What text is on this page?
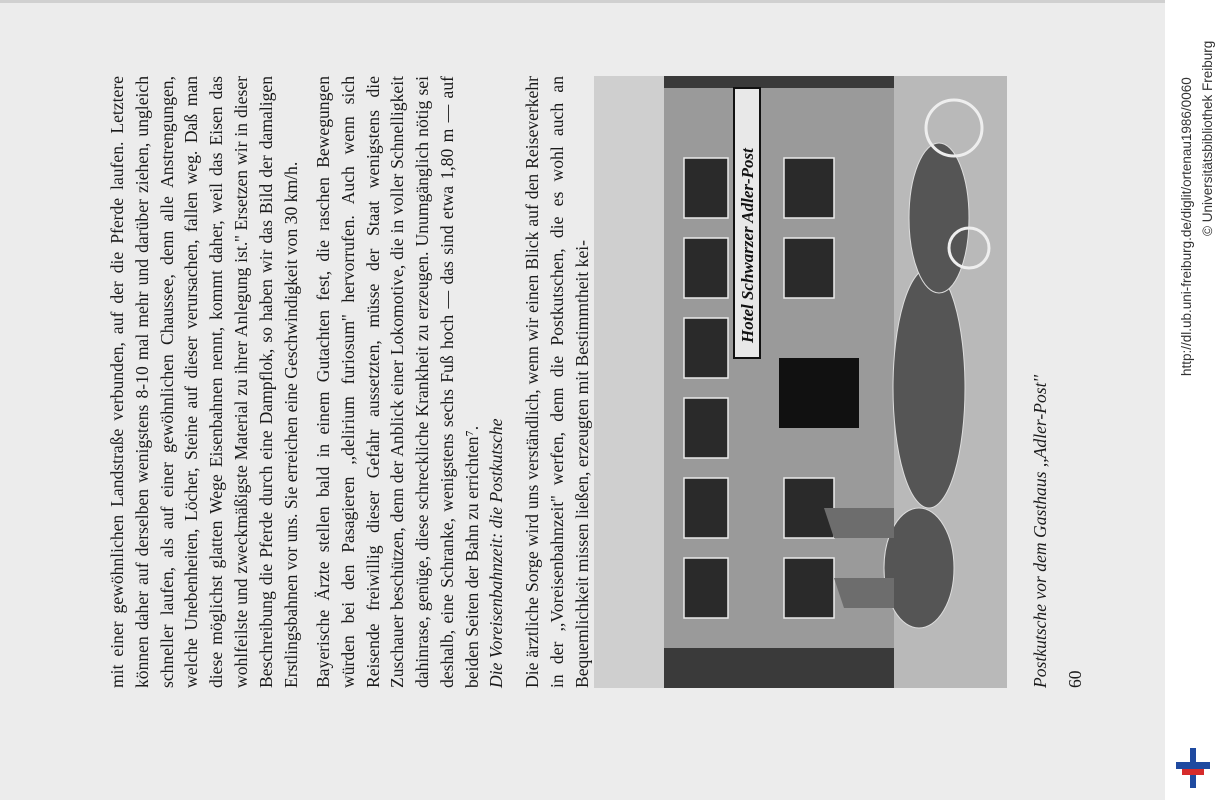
mit einer gewöhnlichen Landstraße verbunden, auf der die Pferde laufen. Letztere können daher auf derselben wenigstens 8-10 mal mehr und darüber ziehen, ungleich schneller laufen, als auf einer gewöhnlichen Chaussee, denn alle Anstrengungen, welche Unebenheiten, Löcher, Steine auf dieser verursachen, fallen weg. Daß man diese möglichst glatten Wege Eisenbahnen nennt, kommt daher, weil das Eisen das wohlfeilste und zweckmäßigste Material zu ihrer Anlegung ist.'' Ersetzen wir in dieser Beschreibung die Pferde durch eine Dampflok, so haben wir das Bild der damaligen Erstlingsbahnen vor uns. Sie erreichen eine Geschwindigkeit von 30 km/h. Bayerische Ärzte stellen bald in einem Gutachten fest, die raschen Bewegungen würden bei den Pasagieren ,,delirium furiosum'' hervorrufen. Auch wenn sich Reisende freiwillig dieser Gefahr aussetzten, müsse der Staat wenigstens die Zuschauer beschützen, denn der Anblick einer Lokomotive, die in voller Schnelligkeit dahinrase, genüge, diese schreckliche Krankheit zu erzeugen. Unumgänglich nötig sei deshalb, eine Schranke, wenigstens sechs Fuß hoch — das sind etwa 1,80 m — auf beiden Seiten der Bahn zu errichten⁷. Die Voreisenbahnzeit: die Postkutsche Die ärztliche Sorge wird uns verständlich, wenn wir einen Blick auf den Reiseverkehr in der ,,Voreisenbahnzeit'' werfen, denn die Postkutschen, die es wohl auch an Bequemlichkeit missen ließen, erzeugten mit Bestimmtheit kei-	Hotel Schwarzer Adler-Post

Postkutsche vor dem Gasthaus ,,Adler-Post'' 60

http://dl.ub.uni-freiburg.de/diglit/ortenau1986/0060 © Universitätsbibliothek Freiburg
